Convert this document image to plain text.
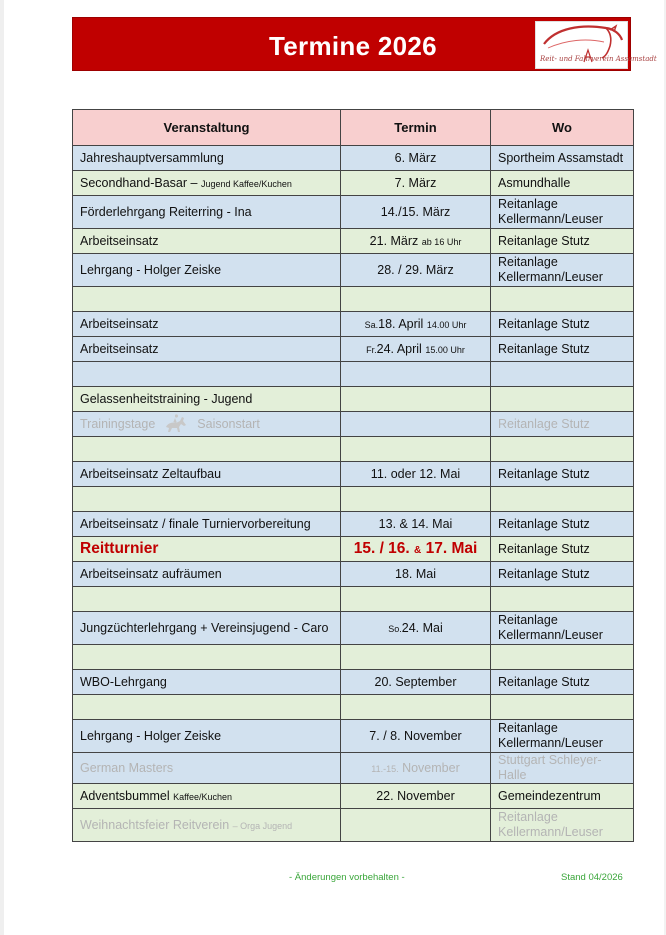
Termine 2026	Reit- und Fahrverein Assamstadt
Veranstaltung	Termin	Wo
Jahreshauptversammlung	6. März	Sportheim Assamstadt
Secondhand-Basar – Jugend Kaffee/Kuchen	7. März	Asmundhalle
Förderlehrgang Reiterring - Ina	14./15. März	Reitanlage Kellermann/Leuser
Arbeitseinsatz	21. März ab 16 Uhr	Reitanlage Stutz
Lehrgang - Holger Zeiske	28. / 29. März	Reitanlage Kellermann/Leuser

Arbeitseinsatz	Sa.18. April 14.00 Uhr	Reitanlage Stutz
Arbeitseinsatz	Fr.24. April 15.00 Uhr	Reitanlage Stutz

Gelassenheitstraining - Jugend		
Trainingstage Saisonstart		Reitanlage Stutz

Arbeitseinsatz Zeltaufbau	11. oder 12. Mai	Reitanlage Stutz

Arbeitseinsatz / finale Turniervorbereitung	13. & 14. Mai	Reitanlage Stutz
Reitturnier	15. / 16. & 17. Mai	Reitanlage Stutz
Arbeitseinsatz aufräumen	18. Mai	Reitanlage Stutz

Jungzüchterlehrgang + Vereinsjugend - Caro	So.24. Mai	Reitanlage Kellermann/Leuser

WBO-Lehrgang	20. September	Reitanlage Stutz

Lehrgang - Holger Zeiske	7. / 8. November	Reitanlage Kellermann/Leuser
German Masters	11.-15. November	Stuttgart Schleyer-Halle
Adventsbummel Kaffee/Kuchen	22. November	Gemeindezentrum
Weihnachtsfeier Reitverein – Orga Jugend		Reitanlage Kellermann/Leuser
- Änderungen vorbehalten -	Stand 04/2026
